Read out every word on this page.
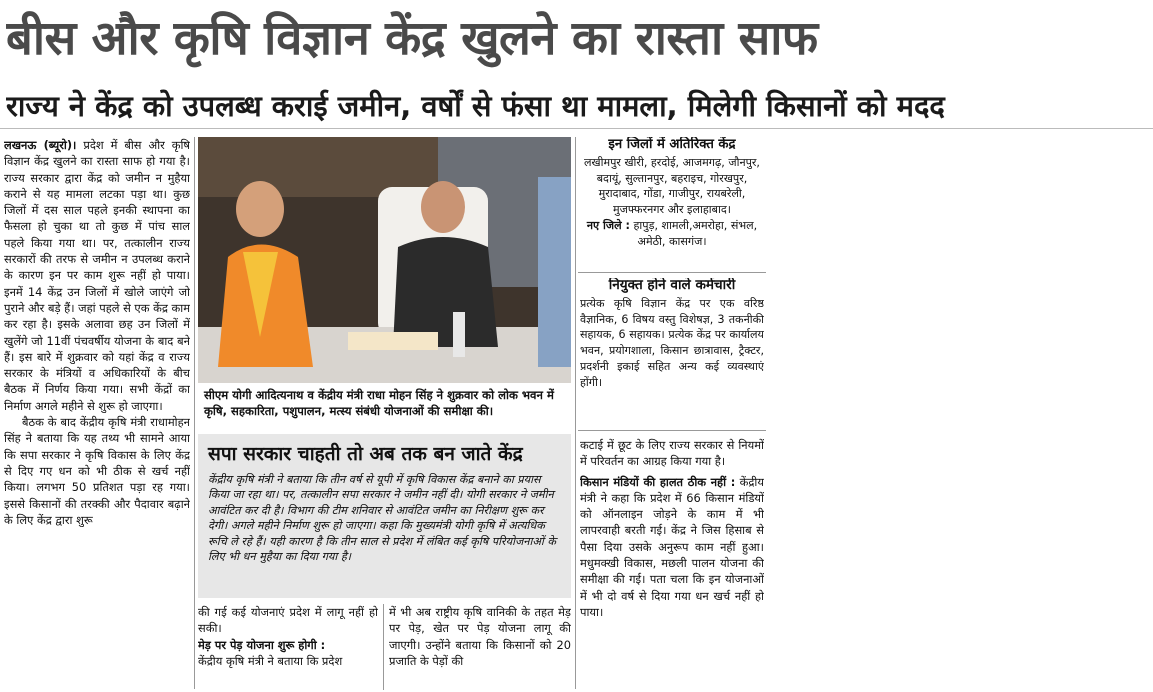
बीस और कृषि विज्ञान केंद्र खुलने का रास्ता साफ
राज्य ने केंद्र को उपलब्ध कराई जमीन, वर्षों से फंसा था मामला, मिलेगी किसानों को मदद

लखनऊ (ब्यूरो)। प्रदेश में बीस और कृषि विज्ञान केंद्र खुलने का रास्ता साफ हो गया है। राज्य सरकार द्वारा केंद्र को जमीन न मुहैया कराने से यह मामला लटका पड़ा था। कुछ जिलों में दस साल पहले इनकी स्थापना का फैसला हो चुका था तो कुछ में पांच साल पहले किया गया था। पर, तत्कालीन राज्य सरकारों की तरफ से जमीन न उपलब्ध कराने के कारण इन पर काम शुरू नहीं हो पाया। इनमें 14 केंद्र उन जिलों में खोले जाएंगे जो पुराने और बड़े हैं। जहां पहले से एक केंद्र काम कर रहा है। इसके अलावा छह उन जिलों में खुलेंगे जो 11वीं पंचवर्षीय योजना के बाद बने हैं। इस बारे में शुक्रवार को यहां केंद्र व राज्य सरकार के मंत्रियों व अधिकारियों के बीच बैठक में निर्णय किया गया। सभी केंद्रों का निर्माण अगले महीने से शुरू हो जाएगा।

बैठक के बाद केंद्रीय कृषि मंत्री राधामोहन सिंह ने बताया कि यह तथ्य भी सामने आया कि सपा सरकार ने कृषि विकास के लिए केंद्र से दिए गए धन को भी ठीक से खर्च नहीं किया। लगभग 50 प्रतिशत पड़ा रह गया। इससे किसानों की तरक्की और पैदावार बढ़ाने के लिए केंद्र द्वारा शुरू

सीएम योगी आदित्यनाथ व केंद्रीय मंत्री राधा मोहन सिंह ने शुक्रवार को लोक भवन में कृषि, सहकारिता, पशुपालन, मत्स्य संबंधी योजनाओं की समीक्षा की।
सपा सरकार चाहती तो अब तक बन जाते केंद्र

केंद्रीय कृषि मंत्री ने बताया कि तीन वर्ष से यूपी में कृषि विकास केंद्र बनाने का प्रयास किया जा रहा था। पर, तत्कालीन सपा सरकार ने जमीन नहीं दी। योगी सरकार ने जमीन आवंटित कर दी है। विभाग की टीम शनिवार से आवंटित जमीन का निरीक्षण शुरू कर देगी। अगले महीने निर्माण शुरू हो जाएगा। कहा कि मुख्यमंत्री योगी कृषि में अत्यधिक रूचि ले रहे हैं। यही कारण है कि तीन साल से प्रदेश में लंबित कई कृषि परियोजनाओं के लिए भी धन मुहैया का दिया गया है।

की गई कई योजनाएं प्रदेश में लागू नहीं हो सकी।

मेड़ पर पेड़ योजना शुरू होगी :

केंद्रीय कृषि मंत्री ने बताया कि प्रदेश

में भी अब राष्ट्रीय कृषि वानिकी के तहत मेड़ पर पेड़, खेत पर पेड़ योजना लागू की जाएगी। उन्होंने बताया कि किसानों को 20 प्रजाति के पेड़ों की

इन जिलों में अतिरिक्त केंद्र
लखीमपुर खीरी, हरदोई, आजमगढ़, जौनपुर, बदायूं, सुल्तानपुर, बहराइच, गोरखपुर, मुरादाबाद, गोंडा, गाजीपुर, रायबरेली, मुजफ्फरनगर और इलाहाबाद।
नए जिले : हापुड़, शामली,अमरोहा, संभल, अमेठी, कासगंज।
नियुक्त होने वाले कर्मचारी
प्रत्येक कृषि विज्ञान केंद्र पर एक वरिष्ठ वैज्ञानिक, 6 विषय वस्तु विशेषज्ञ, 3 तकनीकी सहायक, 6 सहायक। प्रत्येक केंद्र पर कार्यालय भवन, प्रयोगशाला, किसान छात्रावास, ट्रैक्टर, प्रदर्शनी इकाई सहित अन्य कई व्यवस्थाएं होंगी।

कटाई में छूट के लिए राज्य सरकार से नियमों में परिवर्तन का आग्रह किया गया है।

किसान मंडियों की हालत ठीक नहीं : केंद्रीय मंत्री ने कहा कि प्रदेश में 66 किसान मंडियों को ऑनलाइन जोड़ने के काम में भी लापरवाही बरती गई। केंद्र ने जिस हिसाब से पैसा दिया उसके अनुरूप काम नहीं हुआ। मधुमक्खी विकास, मछली पालन योजना की समीक्षा की गई। पता चला कि इन योजनाओं में भी दो वर्ष से दिया गया धन खर्च नहीं हो पाया।
